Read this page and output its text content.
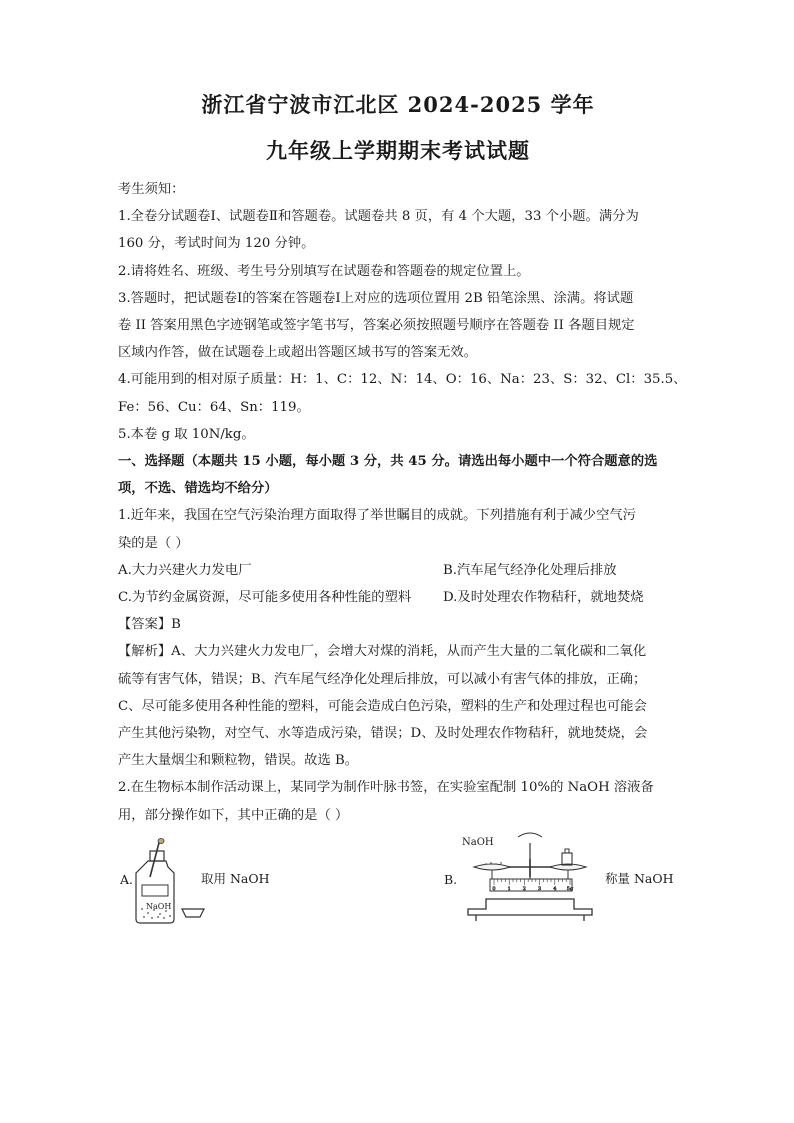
浙江省宁波市江北区 2024-2025 学年
九年级上学期期末考试试题
考生须知：
1.全卷分试题卷Ⅰ、试题卷Ⅱ和答题卷。试题卷共 8 页，有 4 个大题，33 个小题。满分为
160 分，考试时间为 120 分钟。
2.请将姓名、班级、考生号分别填写在试题卷和答题卷的规定位置上。
3.答题时，把试题卷Ⅰ的答案在答题卷Ⅰ上对应的选项位置用 2B 铅笔涂黑、涂满。将试题
卷 II 答案用黑色字迹钢笔或签字笔书写，答案必须按照题号顺序在答题卷 II 各题目规定
区域内作答，做在试题卷上或超出答题区域书写的答案无效。
4.可能用到的相对原子质量：H：1、C：12、N：14、O：16、Na：23、S：32、Cl：35.5、
Fe：56、Cu：64、Sn：119。
5.本卷 g 取 10N/kg。
一、选择题（本题共 15 小题，每小题 3 分，共 45 分。请选出每小题中一个符合题意的选
项，不选、错选均不给分）
1.近年来，我国在空气污染治理方面取得了举世瞩目的成就。下列措施有利于减少空气污
染的是（ ）
A.大力兴建火力发电厂	B.汽车尾气经净化处理后排放
C.为节约金属资源，尽可能多使用各种性能的塑料	D.及时处理农作物秸秆，就地焚烧
【答案】B
【解析】A、大力兴建火力发电厂，会增大对煤的消耗，从而产生大量的二氧化碳和二氧化
硫等有害气体，错误；B、汽车尾气经净化处理后排放，可以减小有害气体的排放，正确；
C、尽可能多使用各种性能的塑料，可能会造成白色污染，塑料的生产和处理过程也可能会
产生其他污染物，对空气、水等造成污染，错误；D、及时处理农作物秸秆，就地焚烧，会
产生大量烟尘和颗粒物，错误。故选 B。
2.在生物标本制作活动课上，某同学为制作叶脉书签，在实验室配制 10%的 NaOH 溶液备
用，部分操作如下，其中正确的是（ ）
A.
NaOH
取用 NaOH	B.
0 1 2 3 4 5g
NaOH
称量 NaOH
